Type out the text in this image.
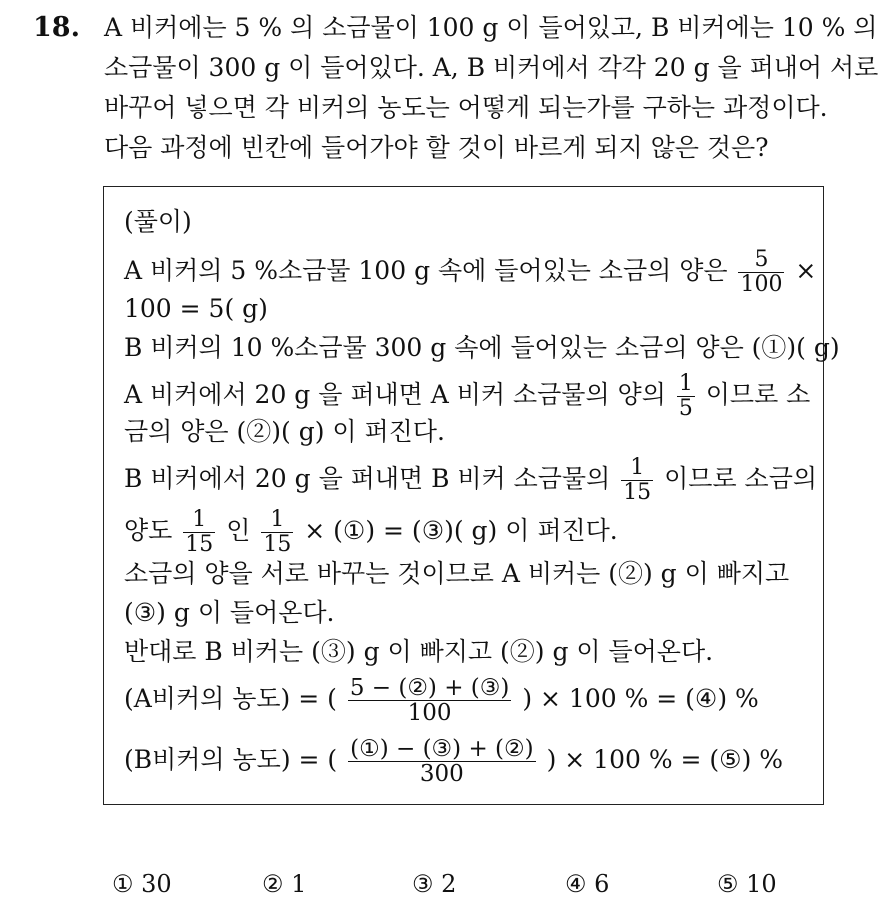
18. A 비커에는 5 % 의 소금물이 100 g 이 들어있고, B 비커에는 10 % 의
소금물이 300 g 이 들어있다. A, B 비커에서 각각 20 g 을 퍼내어 서로
바꾸어 넣으면 각 비커의 농도는 어떻게 되는가를 구하는 과정이다.
다음 과정에 빈칸에 들어가야 할 것이 바르게 되지 않은 것은?
(풀이)
A 비커의 5 %소금물 100 g 속에 들어있는 소금의 양은 $\frac{5}{100}$ ×
100 = 5( g)
B 비커의 10 %소금물 300 g 속에 들어있는 소금의 양은 (①)( g)
A 비커에서 20 g 을 퍼내면 A 비커 소금물의 양의 $\frac{1}{5}$ 이므로 소
금의 양은 (②)( g) 이 퍼진다.
B 비커에서 20 g 을 퍼내면 B 비커 소금물의 $\frac{1}{15}$ 이므로 소금의
양도 $\frac{1}{15}$ 인 $\frac{1}{15}$ × (①) = (③)( g) 이 퍼진다.
소금의 양을 서로 바꾸는 것이므로 A 비커는 (②) g 이 빠지고
(③) g 이 들어온다.
반대로 B 비커는 (③) g 이 빠지고 (②) g 이 들어온다.
(A비커의 농도) = ( $\frac{\text{5 − (②) + (③)}}{100}$ ) × 100 % = (④) %
(B비커의 농도) = ( $\frac{\text{(①) − (③) + (②)}}{300}$ ) × 100 % = (⑤) %
① 30	② 1	③ 2	④ 6	⑤ 10
